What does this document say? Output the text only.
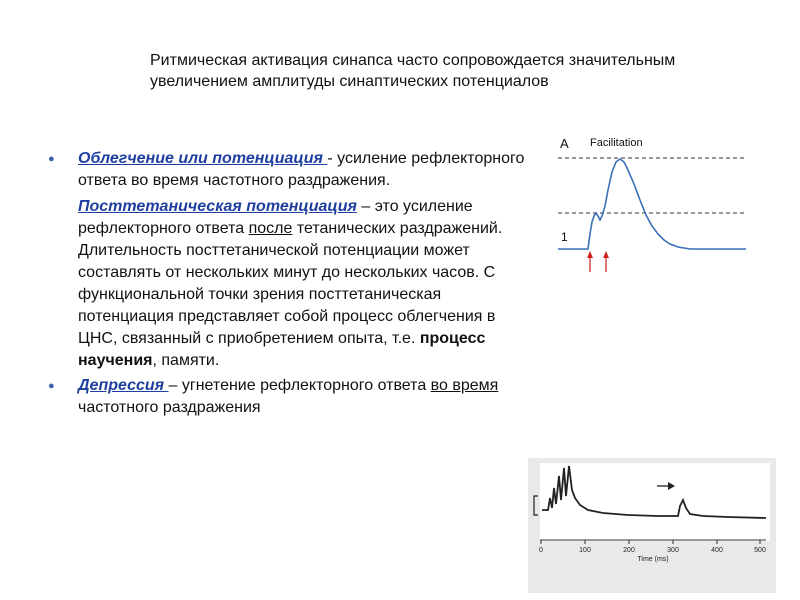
Ритмическая активация синапса часто сопровождается значительным увеличением амплитуды синаптических потенциалов
● Облегчение или потенциация - усиление рефлекторного ответа во время частотного раздражения.
Посттетаническая потенциация – это усиление рефлекторного ответа после тетанических раздражений. Длительность посттетанической потенциации может составлять от нескольких минут до нескольких часов. С функциональной точки зрения посттетаническая потенциация представляет собой процесс облегчения в ЦНС, связанный с приобретением опыта, т.е. процесс научения, памяти.
● Депрессия – угнетение рефлекторного ответа во время частотного раздражения
A Facilitation
1
0	100	200	300	400	500
Time (ms)
